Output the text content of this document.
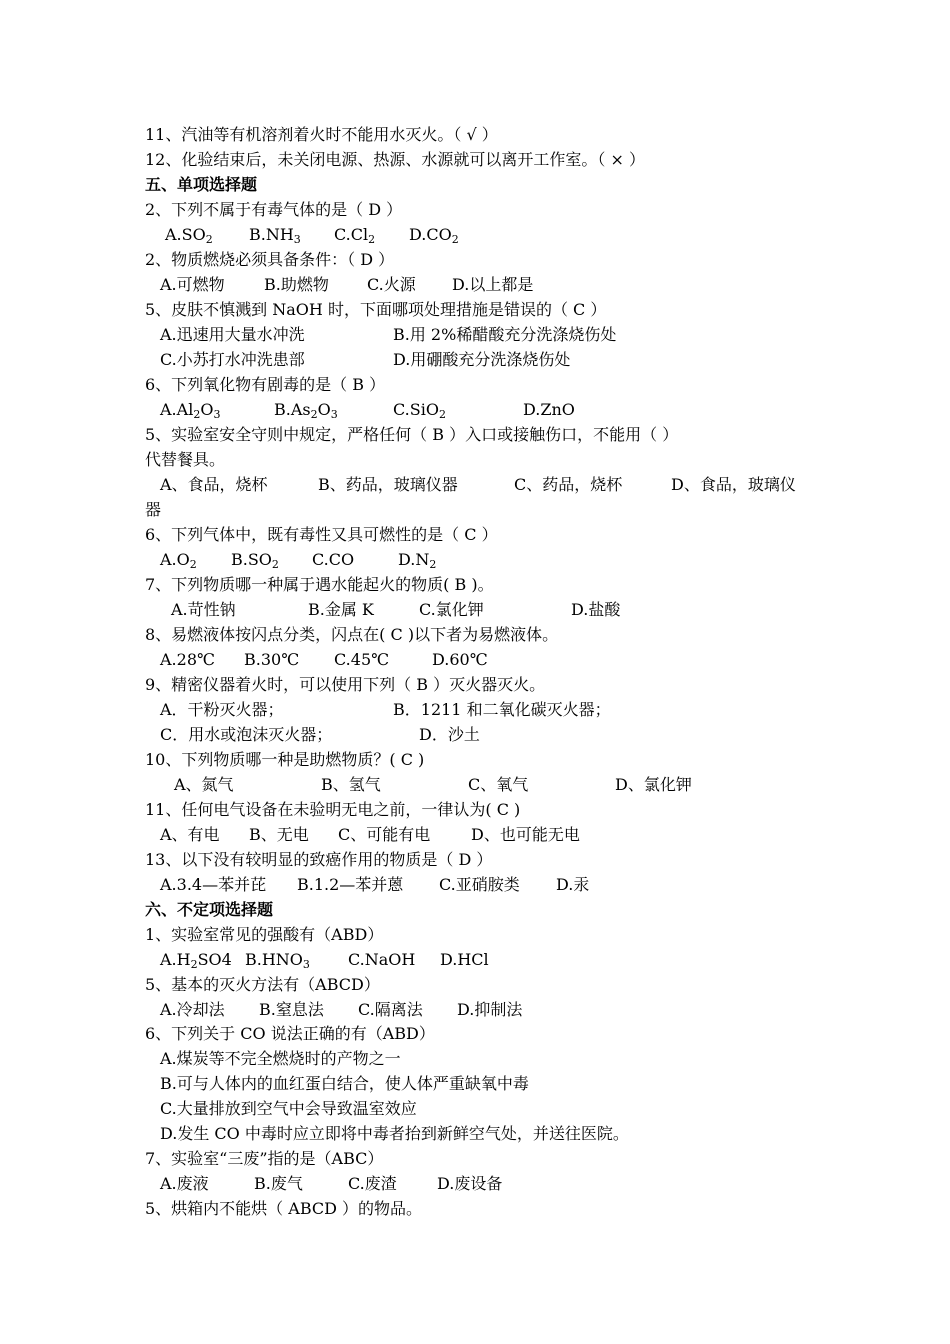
11、汽油等有机溶剂着火时不能用水灭火。（ √ ）
12、化验结束后，未关闭电源、热源、水源就可以离开工作室。（ × ）
五、单项选择题
2、下列不属于有毒气体的是（ D ）
$A.SO_2$ $B.NH_3$ $C.Cl_2$ $D.CO_2$
2、物质燃烧必须具备条件：（ D ）
A.可燃物 B.助燃物 C.火源 D.以上都是
5、皮肤不慎溅到 NaOH 时，下面哪项处理措施是错误的（ C ）
A.迅速用大量水冲洗	B.用 2%稀醋酸充分洗涤烧伤处
C.小苏打水冲洗患部	D.用硼酸充分洗涤烧伤处
6、下列氧化物有剧毒的是（ B ）
$A.Al_2O_3$	$B.As_2O_3$	C.SiO$_2$	D.ZnO
5、实验室安全守则中规定，严格任何（ B ）入口或接触伤口，不能用（ ）
代替餐具。
A、食品，烧杯	B、药品，玻璃仪器	C、药品，烧杯	D、食品，玻璃仪
器
6、下列气体中，既有毒性又具可燃性的是（ C ）
$A.O_2$ $B.SO_2$ C.CO	$D.N_2$
7、下列物质哪一种属于遇水能起火的物质( B )。
A.苛性钠	B.金属 K	C.氯化钾	D.盐酸
8、易燃液体按闪点分类，闪点在( C )以下者为易燃液体。
A.28℃ B.30℃ C.45℃	D.60℃
9、精密仪器着火时，可以使用下列（ B ）灭火器灭火。
A．干粉灭火器；	B．1211 和二氧化碳灭火器；
C．用水或泡沫灭火器；	D．沙土
10、下列物质哪一种是助燃物质？( C )
A、氮气	B、氢气	C、氧气	D、氯化钾
11、任何电气设备在未验明无电之前，一律认为( C )
A、有电 B、无电 C、可能有电	D、也可能无电
13、以下没有较明显的致癌作用的物质是（ D ）
A.3.4—苯并芘 B.1.2—苯并蒽 C.亚硝胺类 D.汞
六、不定项选择题
1、实验室常见的强酸有（ABD）
$A.H_2SO4$ $B.HNO_3$ C.NaOH D.HCl
5、基本的灭火方法有（ABCD）
A.冷却法 B.窒息法 C.隔离法 D.抑制法
6、下列关于 CO 说法正确的有（ABD）
A.煤炭等不完全燃烧时的产物之一
B.可与人体内的血红蛋白结合，使人体严重缺氧中毒
C.大量排放到空气中会导致温室效应
D.发生 CO 中毒时应立即将中毒者抬到新鲜空气处，并送往医院。
7、实验室“三废”指的是（ABC）
A.废液	B.废气	C.废渣	D.废设备
5、烘箱内不能烘（ ABCD ）的物品。
